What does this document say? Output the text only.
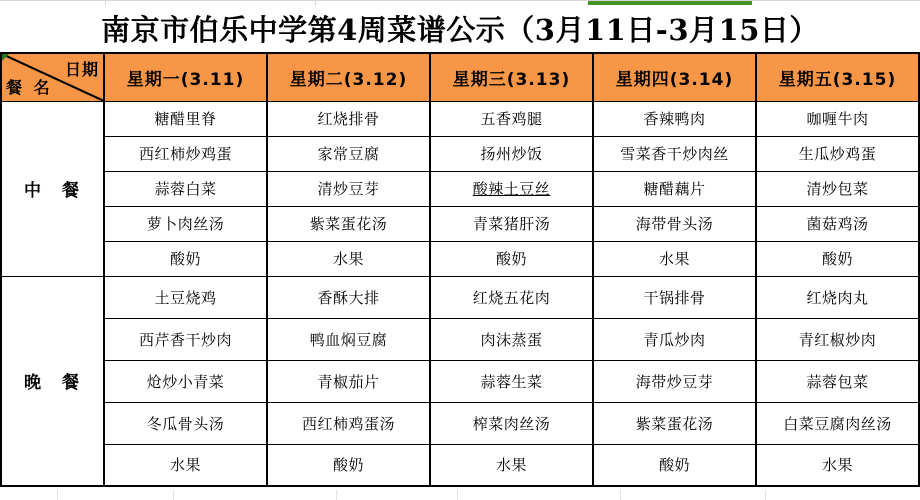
南京市伯乐中学第4周菜谱公示（3月11日-3月15日）
日期
餐 名	星期一(3.11)	星期二(3.12)	星期三(3.13)	星期四(3.14)	星期五(3.15)
中　餐	糖醋里脊	红烧排骨	五香鸡腿	香辣鸭肉	咖喱牛肉
	西红柿炒鸡蛋	家常豆腐	扬州炒饭	雪菜香干炒肉丝	生瓜炒鸡蛋
	蒜蓉白菜	清炒豆芽	酸辣土豆丝	糖醋藕片	清炒包菜
	萝卜肉丝汤	紫菜蛋花汤	青菜猪肝汤	海带骨头汤	菌菇鸡汤
	酸奶	水果	酸奶	水果	酸奶
晚　餐	土豆烧鸡	香酥大排	红烧五花肉	干锅排骨	红烧肉丸
	西芹香干炒肉	鸭血焖豆腐	肉沫蒸蛋	青瓜炒肉	青红椒炒肉
	炝炒小青菜	青椒茄片	蒜蓉生菜	海带炒豆芽	蒜蓉包菜
	冬瓜骨头汤	西红柿鸡蛋汤	榨菜肉丝汤	紫菜蛋花汤	白菜豆腐肉丝汤
	水果	酸奶	水果	酸奶	水果
